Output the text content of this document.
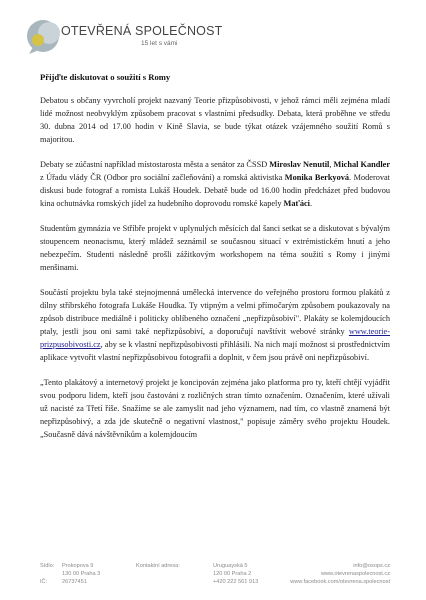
OTEVŘENÁ SPOLEČNOST
15 let s vámi
Přijďte diskutovat o soužití s Romy

Debatou s občany vyvrcholí projekt nazvaný Teorie přizpůsobivosti, v jehož rámci měli zejména mladí lidé možnost neobvyklým způsobem pracovat s vlastními předsudky. Debata, která proběhne ve středu 30. dubna 2014 od 17.00 hodin v Kině Slavia, se bude týkat otázek vzájemného soužití Romů s majoritou.

Debaty se zúčastní například místostarosta města a senátor za ČSSD Miroslav Nenutil, Michal Kandler z Úřadu vlády ČR (Odbor pro sociální začleňování) a romská aktivistka Monika Berkyová. Moderovat diskusi bude fotograf a romista Lukáš Houdek. Debatě bude od 16.00 hodin předcházet před budovou kina ochutnávka romských jídel za hudebního doprovodu romské kapely Maťáci.

Studentům gymnázia ve Stříbře projekt v uplynulých měsících dal šanci setkat se a diskutovat s bývalým stoupencem neonacismu, který mládež seznámil se současnou situací v extrémistickém hnutí a jeho nebezpečím. Studenti následně prošli zážitkovým workshopem na téma soužití s Romy i jinými menšinami.

Součástí projektu byla také stejnojmenná umělecká intervence do veřejného prostoru formou plakátů z dílny stříbrského fotografa Lukáše Houdka. Ty vtipným a velmi přímočarým způsobem poukazovaly na způsob distribuce mediálně i politicky oblíbeného označení „nepřizpůsobiví". Plakáty se kolemjdoucích ptaly, jestli jsou oni sami také nepřizpůsobiví, a doporučují navštívit webové stránky www.teorie-prizpusobivosti.cz, aby se k vlastní nepřizpůsobivosti přihlásili. Na nich mají možnost si prostřednictvím aplikace vytvořit vlastní nepřizpůsobivou fotografii a doplnit, v čem jsou právě oni nepřizpůsobiví.

„Tento plakátový a internetový projekt je koncipován zejména jako platforma pro ty, kteří chtějí vyjádřit svou podporu lidem, kteří jsou častováni z rozličných stran tímto označením. Označením, které užívali už nacisté za Třetí říše. Snažíme se ale zamyslit nad jeho významem, nad tím, co vlastně znamená být nepřizpůsobivý, a zda jde skutečně o negativní vlastnost," popisuje záměry svého projektu Houdek. „Současně dává návštěvníkům a kolemjdoucím

Sídlo:

IČ:
Prokopova 9
130 00 Praha 3
26737451
Kontaktní adresa:	Uruguayská 5
120 00 Praha 2
+420 222 561 913
info@osops.cz
www.otevrenaspolecnost.cz
www.facebook.com/otevrena.spolecnost
